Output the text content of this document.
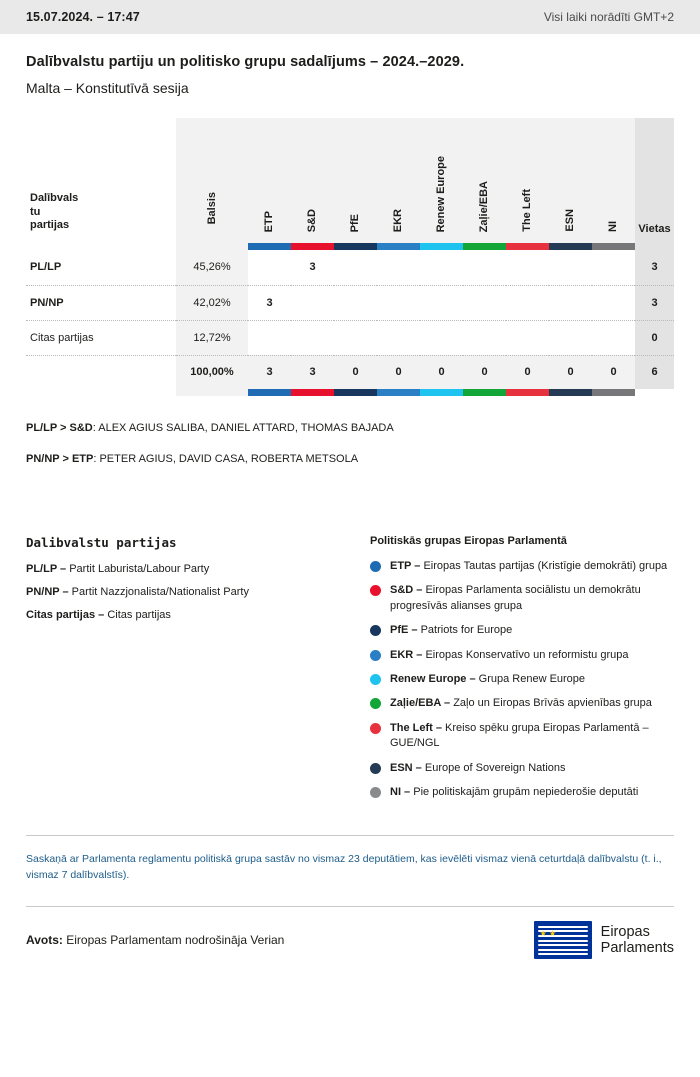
15.07.2024. – 17:47	Visi laiki norādīti GMT+2
Dalībvalstu partiju un politisko grupu sadalījums – 2024.–2029.
Malta – Konstitutīvā sesija
Dalībvals
tu
partijas	Balsis	ETP	S&D	PfE	EKR	Renew Europe	Zaļie/EBA	The Left	ESN	NI	Vietas

PL/LP	45,26%		3								3
PN/NP	42,02%	3									3
Citas partijas	12,72%										0
	100,00%	3	3	0	0	0	0	0	0	0	6

PL/LP > S&D: ALEX AGIUS SALIBA, DANIEL ATTARD, THOMAS BAJADA

PN/NP > ETP: PETER AGIUS, DAVID CASA, ROBERTA METSOLA

Dalibvalstu partijas
PL/LP – Partit Laburista/Labour Party
PN/NP – Partit Nazzjonalista/Nationalist Party
Citas partijas – Citas partijas
Politiskās grupas Eiropas Parlamentā
ETP – Eiropas Tautas partijas (Kristīgie demokrāti) grupa
S&D – Eiropas Parlamenta sociālistu un demokrātu progresīvās alianses grupa
PfE – Patriots for Europe
EKR – Eiropas Konservatīvo un reformistu grupa
Renew Europe – Grupa Renew Europe
Zaļie/EBA – Zaļo un Eiropas Brīvās apvienības grupa
The Left – Kreiso spēku grupa Eiropas Parlamentā – GUE/NGL
ESN – Europe of Sovereign Nations
NI – Pie politiskajām grupām nepiederošie deputāti
Saskaņā ar Parlamenta reglamentu politiskā grupa sastāv no vismaz 23 deputātiem, kas ievēlēti vismaz vienā ceturtdaļā dalībvalstu (t. i., vismaz 7 dalībvalstīs).
Avots: Eiropas Parlamentam nodrošināja Verian	★ ★	Eiropas
Parlaments
